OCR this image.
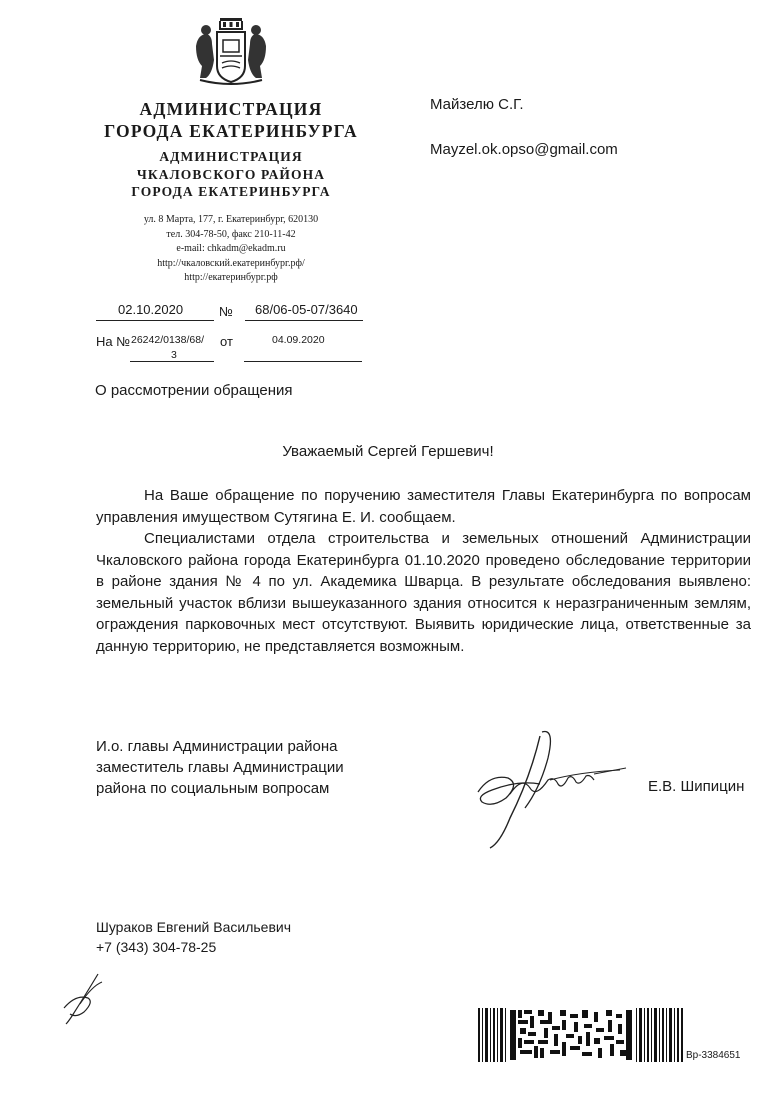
АДМИНИСТРАЦИЯ
ГОРОДА ЕКАТЕРИНБУРГА
АДМИНИСТРАЦИЯ
ЧКАЛОВСКОГО РАЙОНА
ГОРОДА ЕКАТЕРИНБУРГА
ул. 8 Марта, 177, г. Екатеринбург, 620130
тел. 304-78-50, факс 210-11-42
e-mail: chkadm@ekadm.ru
http://чкаловский.екатеринбург.рф/
http://екатеринбург.рф
Майзелю С.Г.
Mayzel.ok.opso@gmail.com
02.10.2020	№ 68/06-05-07/3640
На № 26242/0138/68/
3
от	04.09.2020
О рассмотрении обращения
Уважаемый Сергей Гершевич!

На Ваше обращение по поручению заместителя Главы Екатеринбурга по вопросам управления имуществом Сутягина Е. И. сообщаем.

Специалистами отдела строительства и земельных отношений Администрации Чкаловского района города Екатеринбурга 01.10.2020 проведено обследование территории в районе здания № 4 по ул. Академика Шварца. В результате обследования выявлено: земельный участок вблизи вышеуказанного здания относится к неразграниченным землям, ограждения парковочных мест отсутствуют. Выявить юридические лица, ответственные за данную территорию, не представляется возможным.

И.о. главы Администрации района
заместитель главы Администрации
района по социальным вопросам	Е.В. Шипицин
Шураков Евгений Васильевич
+7 (343) 304-78-25
Вр-3384651
